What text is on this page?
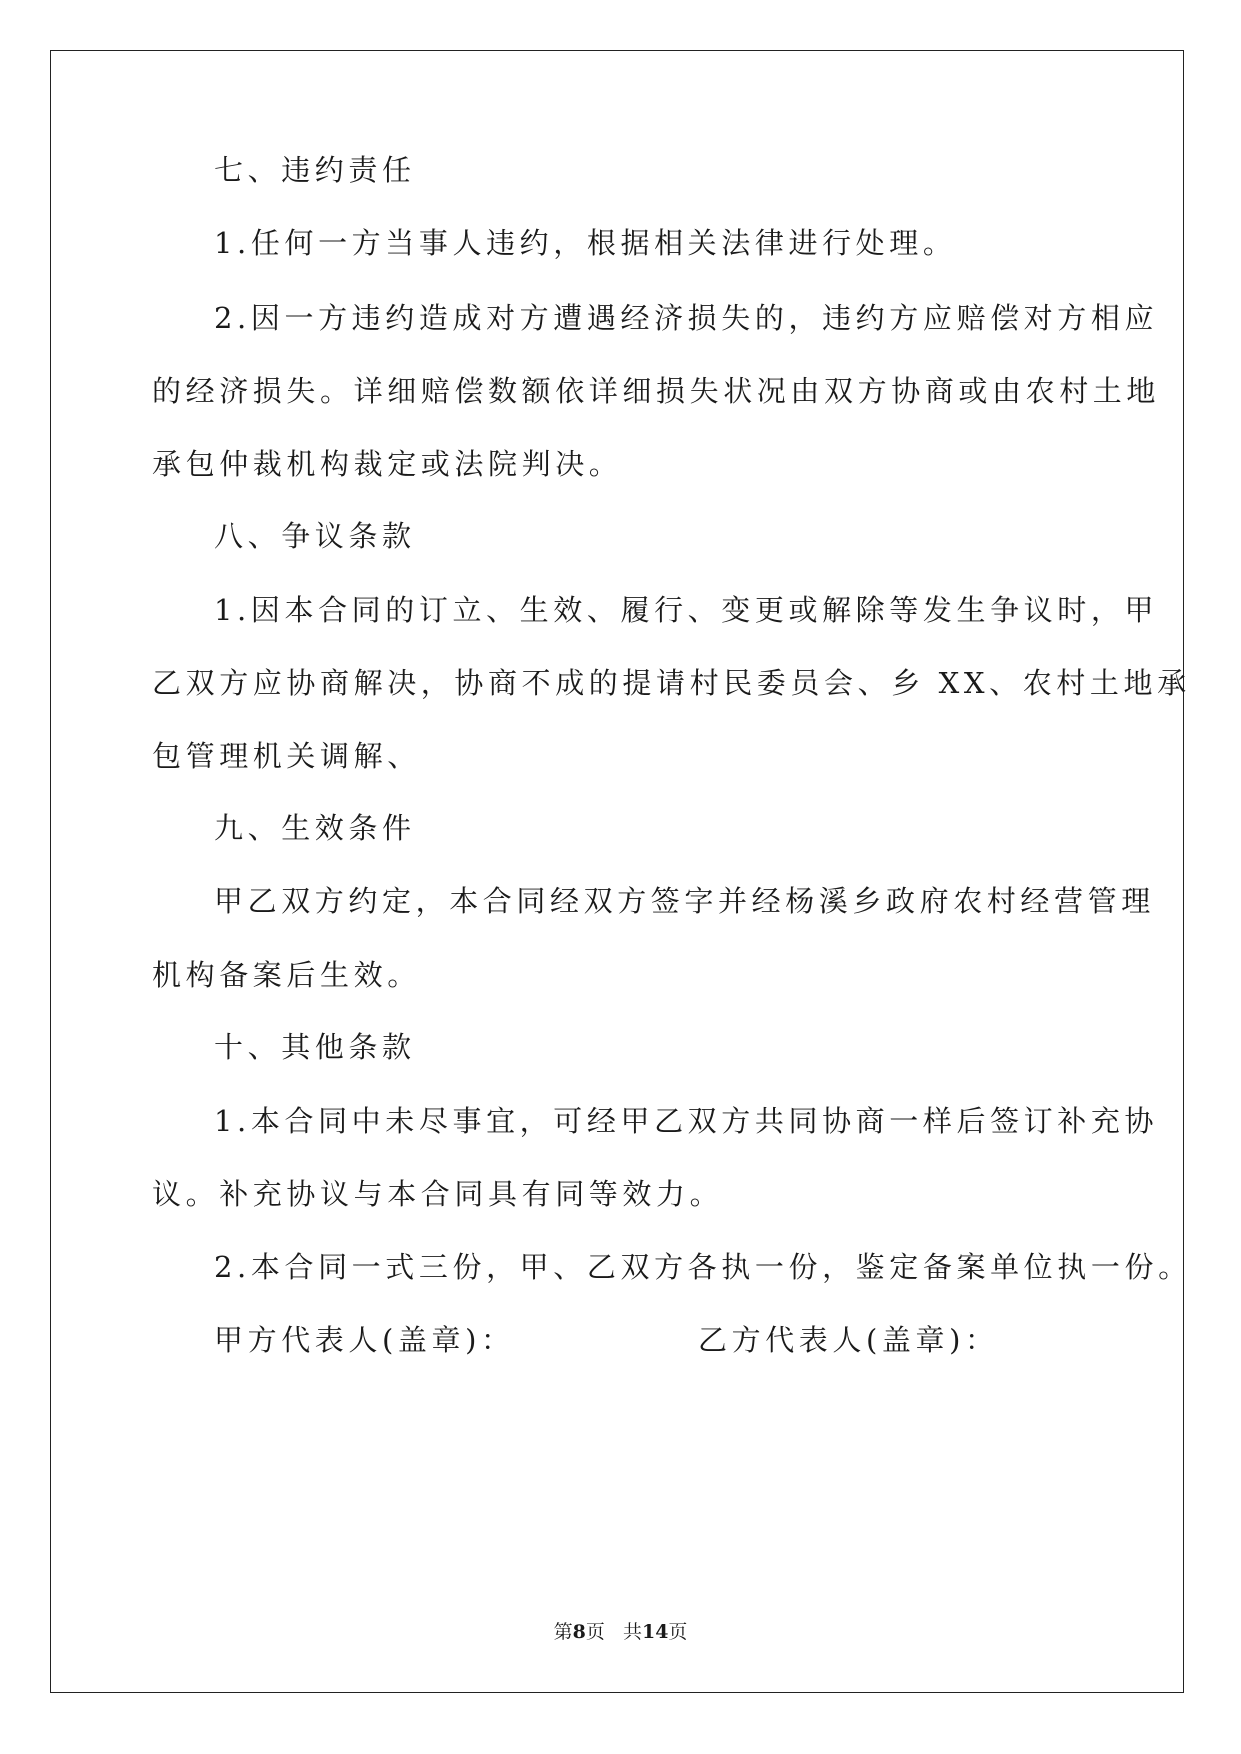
七、违约责任
1.任何一方当事人违约，根据相关法律进行处理。
2.因一方违约造成对方遭遇经济损失的，违约方应赔偿对方相应
的经济损失。详细赔偿数额依详细损失状况由双方协商或由农村土地
承包仲裁机构裁定或法院判决。
八、争议条款
1.因本合同的订立、生效、履行、变更或解除等发生争议时，甲
乙双方应协商解决，协商不成的提请村民委员会、乡 XX、农村土地承
包管理机关调解、
九、生效条件
甲乙双方约定，本合同经双方签字并经杨溪乡政府农村经营管理
机构备案后生效。
十、其他条款
1.本合同中未尽事宜，可经甲乙双方共同协商一样后签订补充协
议。补充协议与本合同具有同等效力。
2.本合同一式三份，甲、乙双方各执一份，鉴定备案单位执一份。
甲方代表人(盖章)：	乙方代表人(盖章)：
第8页 共14页
